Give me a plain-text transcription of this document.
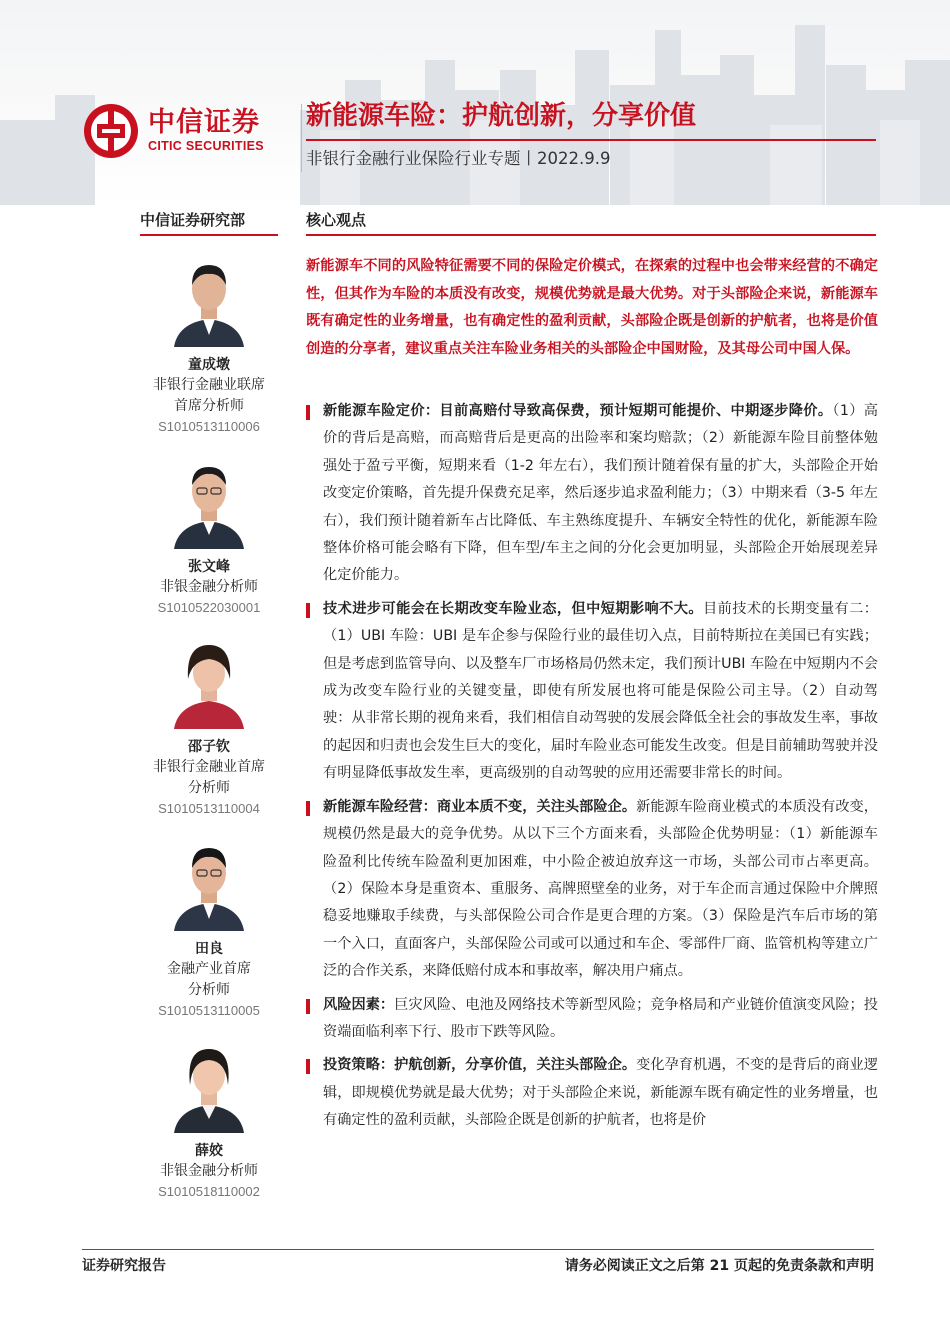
中信证券
CITIC SECURITIES
新能源车险：护航创新，分享价值
非银行金融行业保险行业专题丨2022.9.9
中信证券研究部	核心观点
童成墩
非银行金融业联席
首席分析师
S1010513110006
张文峰
非银金融分析师
S1010522030001
邵子钦
非银行金融业首席
分析师
S1010513110004
田良
金融产业首席
分析师
S1010513110005
薛姣
非银金融分析师
S1010518110002

新能源车不同的风险特征需要不同的保险定价模式，在探索的过程中也会带来经营的不确定性，但其作为车险的本质没有改变，规模优势就是最大优势。对于头部险企来说，新能源车既有确定性的业务增量，也有确定性的盈利贡献，头部险企既是创新的护航者，也将是价值创造的分享者，建议重点关注车险业务相关的头部险企中国财险，及其母公司中国人保。

新能源车险定价：目前高赔付导致高保费，预计短期可能提价、中期逐步降价。（1）高价的背后是高赔，而高赔背后是更高的出险率和案均赔款；（2）新能源车险目前整体勉强处于盈亏平衡，短期来看（1-2 年左右），我们预计随着保有量的扩大，头部险企开始改变定价策略，首先提升保费充足率，然后逐步追求盈利能力；（3）中期来看（3-5 年左右），我们预计随着新车占比降低、车主熟练度提升、车辆安全特性的优化，新能源车险整体价格可能会略有下降，但车型/车主之间的分化会更加明显，头部险企开始展现差异化定价能力。

技术进步可能会在长期改变车险业态，但中短期影响不大。目前技术的长期变量有二：（1）UBI 车险：UBI 是车企参与保险行业的最佳切入点，目前特斯拉在美国已有实践；但是考虑到监管导向、以及整车厂市场格局仍然未定，我们预计UBI 车险在中短期内不会成为改变车险行业的关键变量，即使有所发展也将可能是保险公司主导。（2）自动驾驶：从非常长期的视角来看，我们相信自动驾驶的发展会降低全社会的事故发生率，事故的起因和归责也会发生巨大的变化，届时车险业态可能发生改变。但是目前辅助驾驶并没有明显降低事故发生率，更高级别的自动驾驶的应用还需要非常长的时间。

新能源车险经营：商业本质不变，关注头部险企。新能源车险商业模式的本质没有改变，规模仍然是最大的竞争优势。从以下三个方面来看，头部险企优势明显：（1）新能源车险盈利比传统车险盈利更加困难，中小险企被迫放弃这一市场，头部公司市占率更高。（2）保险本身是重资本、重服务、高牌照壁垒的业务，对于车企而言通过保险中介牌照稳妥地赚取手续费，与头部保险公司合作是更合理的方案。（3）保险是汽车后市场的第一个入口，直面客户，头部保险公司或可以通过和车企、零部件厂商、监管机构等建立广泛的合作关系，来降低赔付成本和事故率，解决用户痛点。

风险因素：巨灾风险、电池及网络技术等新型风险；竞争格局和产业链价值演变风险；投资端面临利率下行、股市下跌等风险。

投资策略：护航创新，分享价值，关注头部险企。变化孕育机遇，不变的是背后的商业逻辑，即规模优势就是最大优势；对于头部险企来说，新能源车既有确定性的业务增量，也有确定性的盈利贡献，头部险企既是创新的护航者，也将是价

证券研究报告	请务必阅读正文之后第 21 页起的免责条款和声明
